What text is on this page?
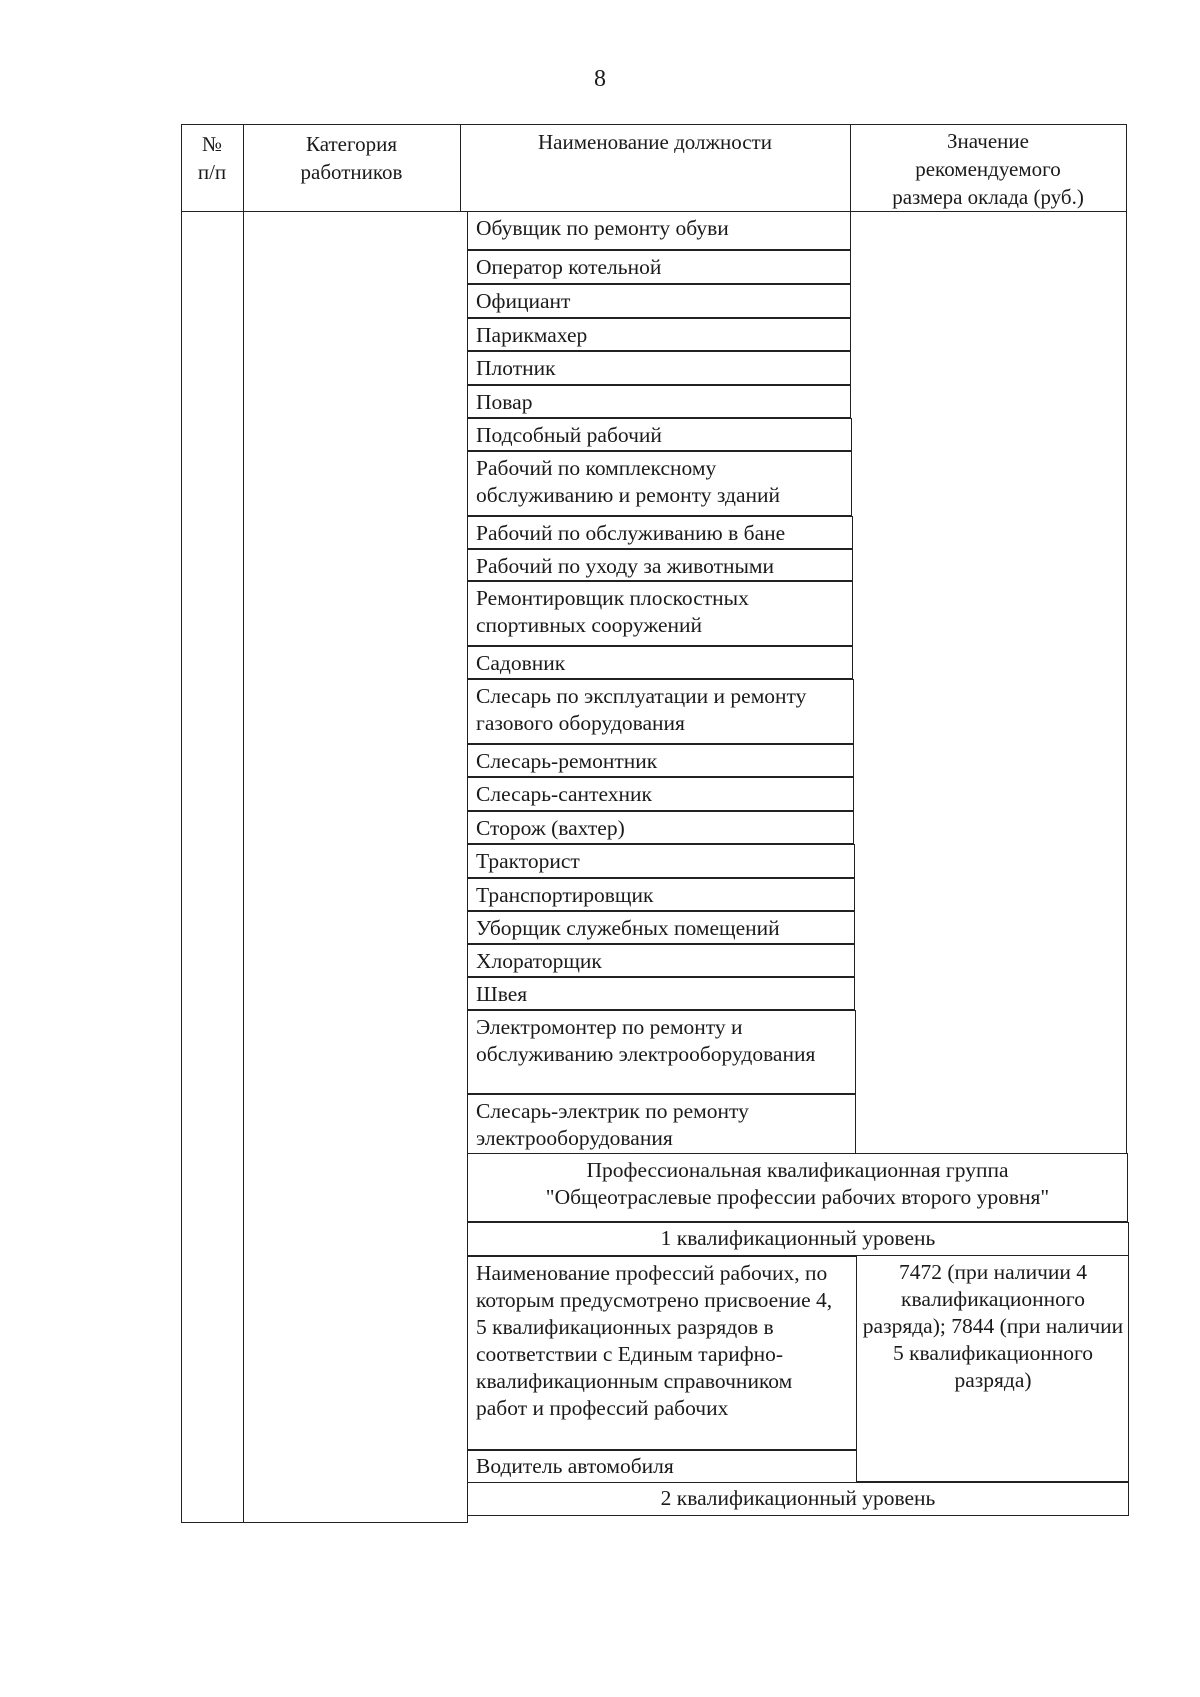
8
№
п/п
Категория
работников
Наименование должности	Значение
рекомендуемого
размера оклада (руб.)
Обувщик по ремонту обуви
Оператор котельной
Официант
Парикмахер
Плотник
Повар
Подсобный рабочий
Рабочий по комплексному обслуживанию и ремонту зданий
Рабочий по обслуживанию в бане
Рабочий по уходу за животными
Ремонтировщик плоскостных спортивных сооружений
Садовник
Слесарь по эксплуатации и ремонту газового оборудования
Слесарь-ремонтник
Слесарь-сантехник
Сторож (вахтер)
Тракторист
Транспортировщик
Уборщик служебных помещений
Хлораторщик
Швея
Электромонтер по ремонту и обслуживанию электрооборудования
Слесарь-электрик по ремонту электрооборудования
Профессиональная квалификационная группа "Общеотраслевые профессии рабочих второго уровня"
1 квалификационный уровень
Наименование профессий рабочих, по которым предусмотрено присвоение 4, 5 квалификационных разрядов в соответствии с Единым тарифно-квалификационным справочником работ и профессий рабочих
7472 (при наличии 4 квалификационного разряда); 7844 (при наличии 5 квалификационного разряда)
Водитель автомобиля
2 квалификационный уровень
